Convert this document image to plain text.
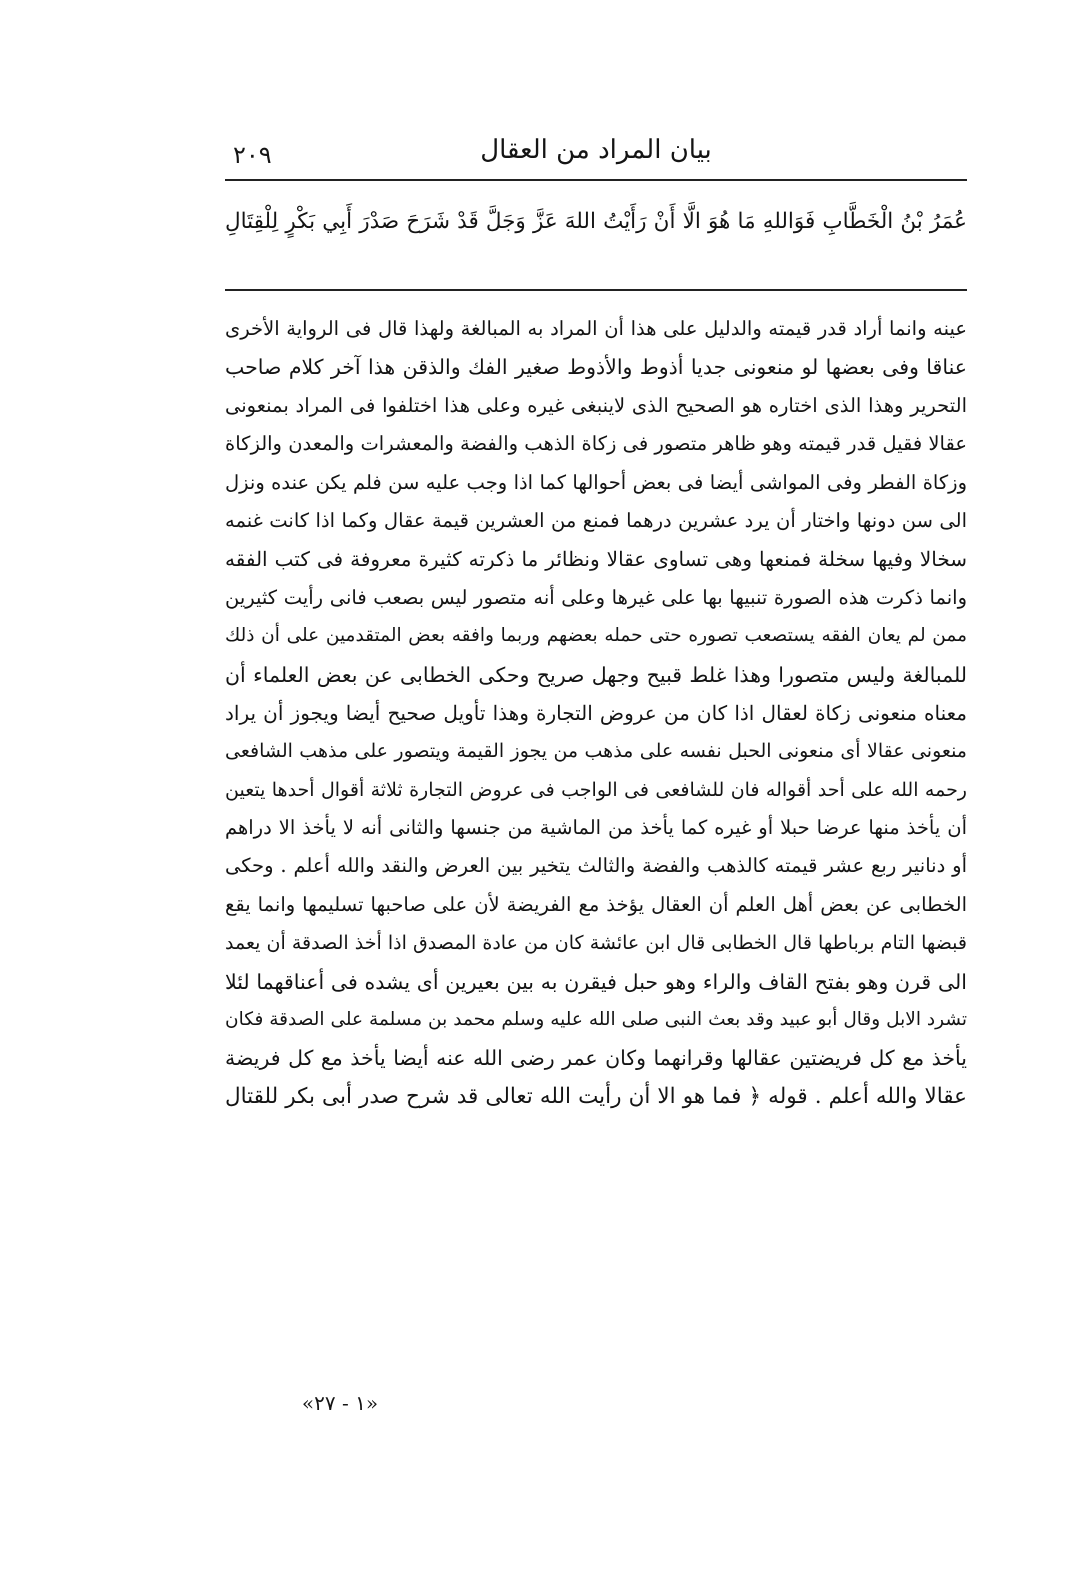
بيان المراد من العقال
٢٠٩
عُمَرُ بْنُ الْخَطَّابِ فَوَاللهِ مَا هُوَ الَّا أَنْ رَأَيْتُ اللهَ عَزَّ وَجَلَّ قَدْ شَرَحَ صَدْرَ أَبِي بَكْرٍ لِلْقِتَالِ
عينه وانما أراد قدر قيمته والدليل على هذا أن المراد به المبالغة ولهذا قال فى الرواية الأخرى
عناقا وفى بعضها لو منعونى جديا أذوط والأذوط صغير الفك والذقن هذا آخر كلام صاحب
التحرير وهذا الذى اختاره هو الصحيح الذى لاينبغى غيره وعلى هذا اختلفوا فى المراد بمنعونى
عقالا فقيل قدر قيمته وهو ظاهر متصور فى زكاة الذهب والفضة والمعشرات والمعدن والزكاة
وزكاة الفطر وفى المواشى أيضا فى بعض أحوالها كما اذا وجب عليه سن فلم يكن عنده ونزل
الى سن دونها واختار أن يرد عشرين درهما فمنع من العشرين قيمة عقال وكما اذا كانت غنمه
سخالا وفيها سخلة فمنعها وهى تساوى عقالا ونظائر ما ذكرته كثيرة معروفة فى كتب الفقه
وانما ذكرت هذه الصورة تنبيها بها على غيرها وعلى أنه متصور ليس بصعب فانى رأيت كثيرين
ممن لم يعان الفقه يستصعب تصوره حتى حمله بعضهم وربما وافقه بعض المتقدمين على أن ذلك
للمبالغة وليس متصورا وهذا غلط قبيح وجهل صريح وحكى الخطابى عن بعض العلماء أن
معناه منعونى زكاة لعقال اذا كان من عروض التجارة وهذا تأويل صحيح أيضا ويجوز أن يراد
منعونى عقالا أى منعونى الحبل نفسه على مذهب من يجوز القيمة ويتصور على مذهب الشافعى
رحمه الله على أحد أقواله فان للشافعى فى الواجب فى عروض التجارة ثلاثة أقوال أحدها يتعين
أن يأخذ منها عرضا حبلا أو غيره كما يأخذ من الماشية من جنسها والثانى أنه لا يأخذ الا دراهم
أو دنانير ربع عشر قيمته كالذهب والفضة والثالث يتخير بين العرض والنقد والله أعلم . وحكى
الخطابى عن بعض أهل العلم أن العقال يؤخذ مع الفريضة لأن على صاحبها تسليمها وانما يقع
قبضها التام برباطها قال الخطابى قال ابن عائشة كان من عادة المصدق اذا أخذ الصدقة أن يعمد
الى قرن وهو بفتح القاف والراء وهو حبل فيقرن به بين بعيرين أى يشده فى أعناقهما لئلا
تشرد الابل وقال أبو عبيد وقد بعث النبى صلى الله عليه وسلم محمد بن مسلمة على الصدقة فكان
يأخذ مع كل فريضتين عقالها وقرانهما وكان عمر رضى الله عنه أيضا يأخذ مع كل فريضة
عقالا والله أعلم . قوله ﴿ فما هو الا أن رأيت الله تعالى قد شرح صدر أبى بكر للقتال
«١ - ٢٧»
